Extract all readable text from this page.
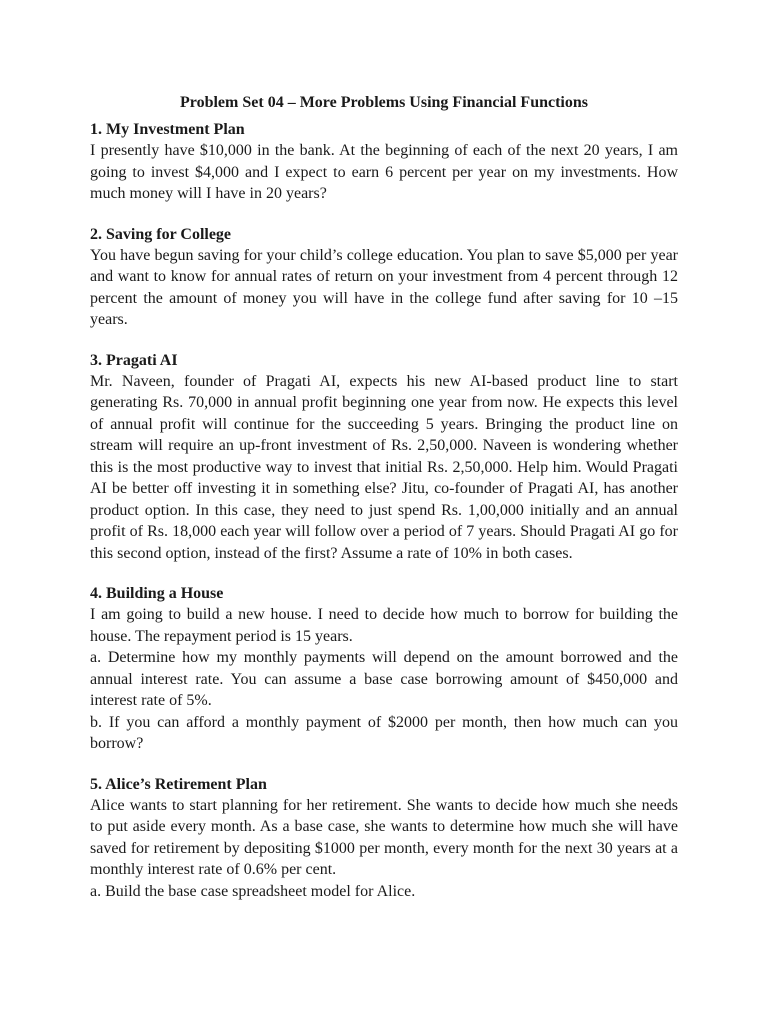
Problem Set 04 – More Problems Using Financial Functions
1. My Investment Plan

I presently have $10,000 in the bank. At the beginning of each of the next 20 years, I am going to invest $4,000 and I expect to earn 6 percent per year on my investments. How much money will I have in 20 years?

2. Saving for College

You have begun saving for your child’s college education. You plan to save $5,000 per year and want to know for annual rates of return on your investment from 4 percent through 12 percent the amount of money you will have in the college fund after saving for 10 –15 years.

3. Pragati AI

Mr. Naveen, founder of Pragati AI, expects his new AI-based product line to start generating Rs. 70,000 in annual profit beginning one year from now. He expects this level of annual profit will continue for the succeeding 5 years. Bringing the product line on stream will require an up-front investment of Rs. 2,50,000. Naveen is wondering whether this is the most productive way to invest that initial Rs. 2,50,000. Help him. Would Pragati AI be better off investing it in something else? Jitu, co-founder of Pragati AI, has another product option. In this case, they need to just spend Rs. 1,00,000 initially and an annual profit of Rs. 18,000 each year will follow over a period of 7 years. Should Pragati AI go for this second option, instead of the first? Assume a rate of 10% in both cases.

4. Building a House

I am going to build a new house. I need to decide how much to borrow for building the house. The repayment period is 15 years.

a. Determine how my monthly payments will depend on the amount borrowed and the annual interest rate. You can assume a base case borrowing amount of $450,000 and interest rate of 5%.

b. If you can afford a monthly payment of $2000 per month, then how much can you borrow?

5. Alice’s Retirement Plan

Alice wants to start planning for her retirement. She wants to decide how much she needs to put aside every month. As a base case, she wants to determine how much she will have saved for retirement by depositing $1000 per month, every month for the next 30 years at a monthly interest rate of 0.6% per cent.

a. Build the base case spreadsheet model for Alice.
